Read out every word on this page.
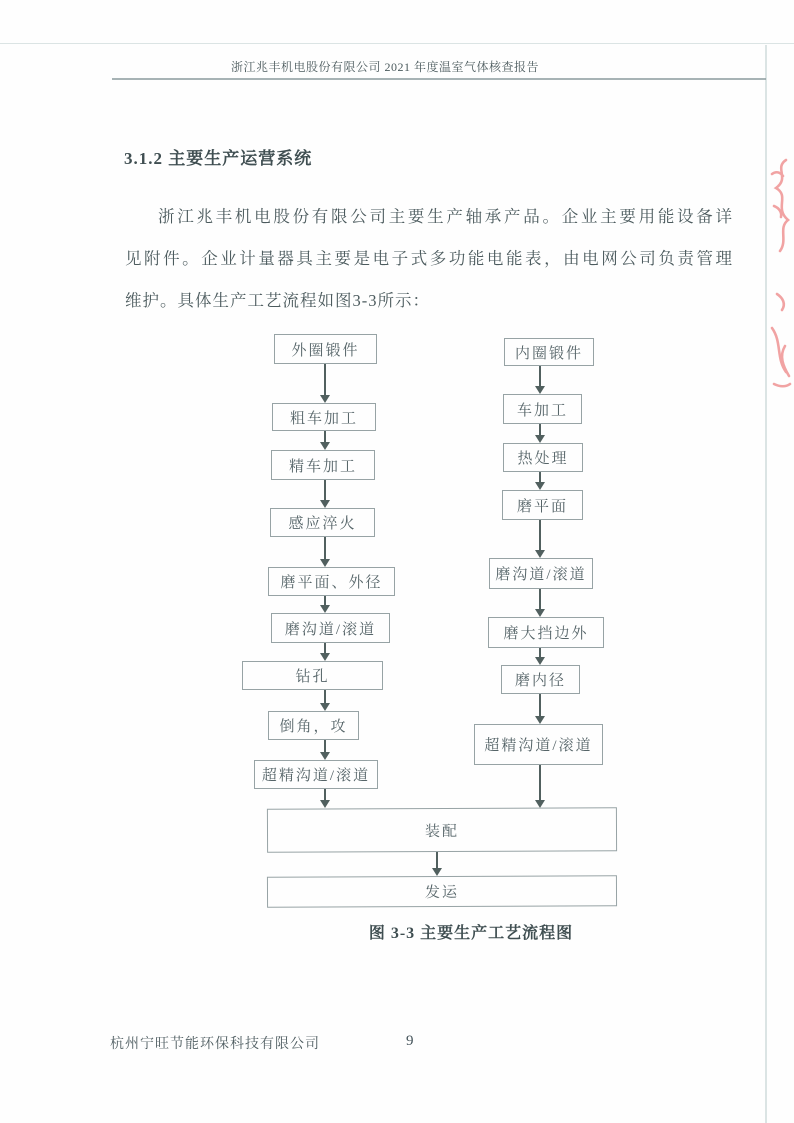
浙江兆丰机电股份有限公司 2021 年度温室气体核查报告
3.1.2 主要生产运营系统
浙江兆丰机电股份有限公司主要生产轴承产品。企业主要用能设备详
见附件。企业计量器具主要是电子式多功能电能表，由电网公司负责管理
维护。具体生产工艺流程如图3-3所示：
外圈锻件
粗车加工
精车加工
感应淬火
磨平面、外径
磨沟道/滚道
钻孔
倒角，攻
超精沟道/滚道
内圈锻件
车加工
热处理
磨平面
磨沟道/滚道
磨大挡边外
磨内径
超精沟道/滚道
装配
发运
图 3-3 主要生产工艺流程图
杭州宁旺节能环保科技有限公司	9
